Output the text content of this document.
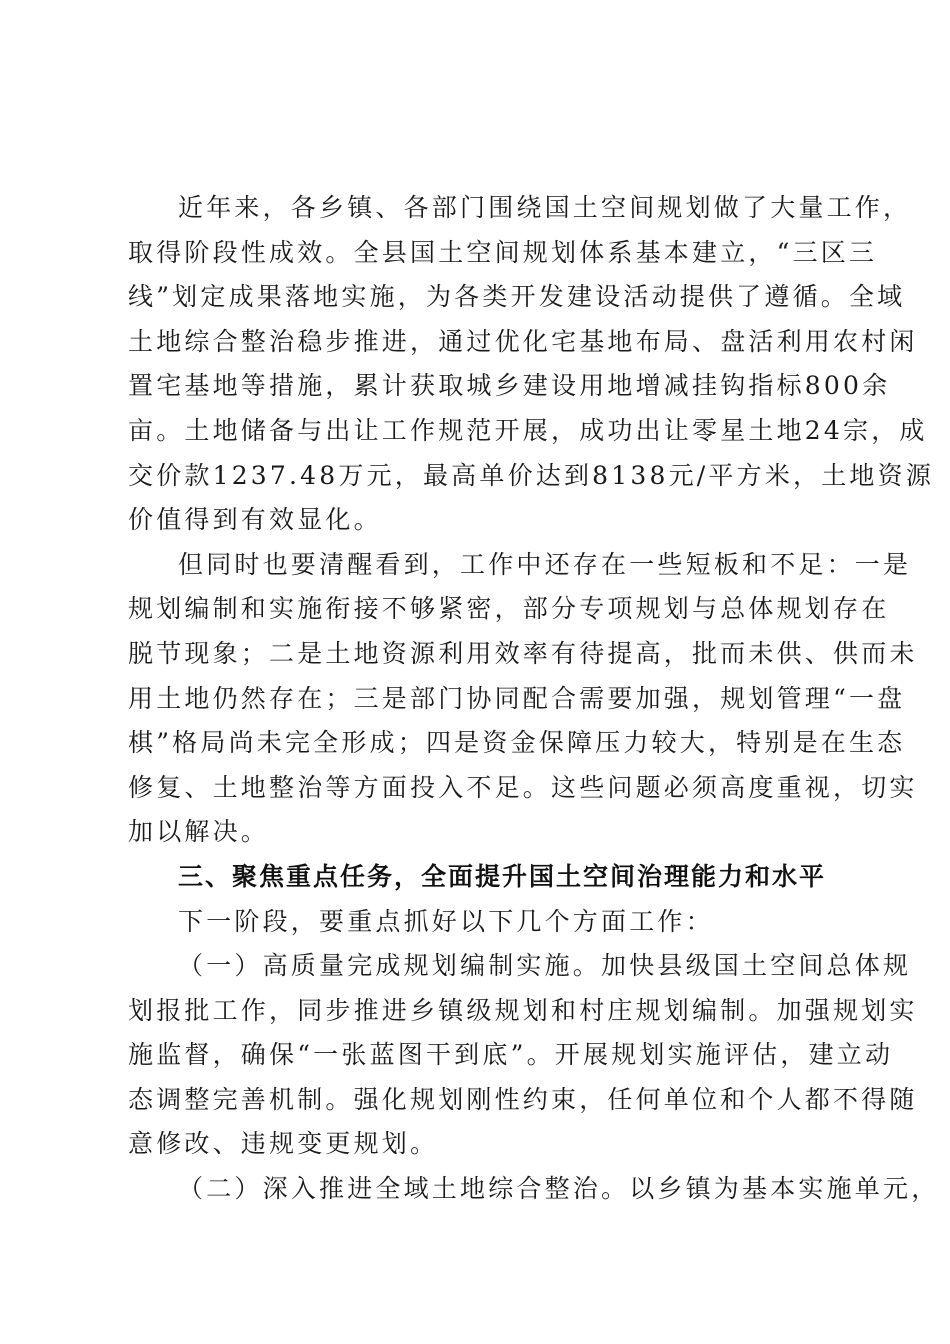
近年来，各乡镇、各部门围绕国土空间规划做了大量工作，
取得阶段性成效。全县国土空间规划体系基本建立，“三区三
线”划定成果落地实施，为各类开发建设活动提供了遵循。全域
土地综合整治稳步推进，通过优化宅基地布局、盘活利用农村闲
置宅基地等措施，累计获取城乡建设用地增减挂钩指标800余
亩。土地储备与出让工作规范开展，成功出让零星土地24宗，成
交价款1237.48万元，最高单价达到8138元/平方米，土地资源
价值得到有效显化。
但同时也要清醒看到，工作中还存在一些短板和不足：一是
规划编制和实施衔接不够紧密，部分专项规划与总体规划存在
脱节现象；二是土地资源利用效率有待提高，批而未供、供而未
用土地仍然存在；三是部门协同配合需要加强，规划管理“一盘
棋”格局尚未完全形成；四是资金保障压力较大，特别是在生态
修复、土地整治等方面投入不足。这些问题必须高度重视，切实
加以解决。
三、聚焦重点任务，全面提升国土空间治理能力和水平
下一阶段，要重点抓好以下几个方面工作：
（一）高质量完成规划编制实施。加快县级国土空间总体规
划报批工作，同步推进乡镇级规划和村庄规划编制。加强规划实
施监督，确保“一张蓝图干到底”。开展规划实施评估，建立动
态调整完善机制。强化规划刚性约束，任何单位和个人都不得随
意修改、违规变更规划。
（二）深入推进全域土地综合整治。以乡镇为基本实施单元，
